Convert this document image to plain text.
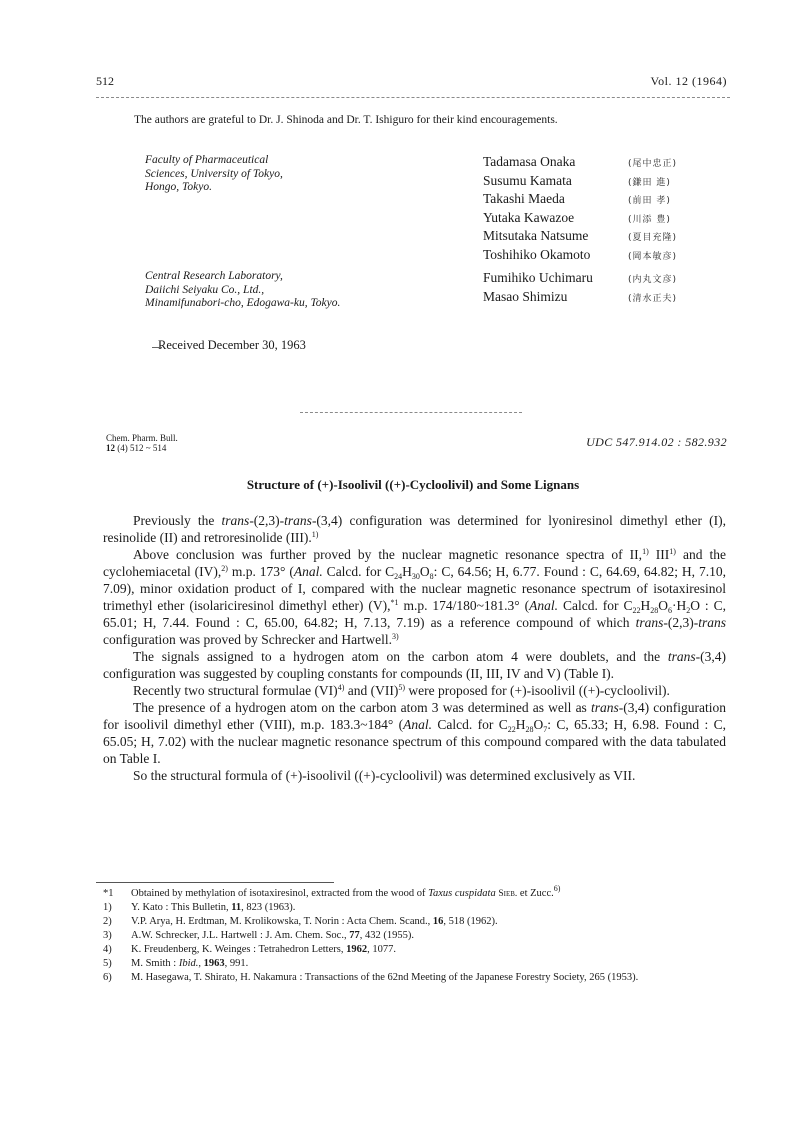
512	Vol. 12 (1964)
The authors are grateful to Dr. J. Shinoda and Dr. T. Ishiguro for their kind encouragements.
Faculty of Pharmaceutical
Sciences, University of Tokyo,
Hongo, Tokyo.
Tadamasa Onaka	(尾中忠正)
Susumu Kamata	(鎌田 進)
Takashi Maeda	(前田 孝)
Yutaka Kawazoe	(川添 豊)
Mitsutaka Natsume	(夏目充隆)
Toshihiko Okamoto	(岡本敏彦)
Central Research Laboratory,
Daiichi Seiyaku Co., Ltd.,
Minamifunabori-cho, Edogawa-ku, Tokyo.
Fumihiko Uchimaru	(内丸文彦)
Masao Shimizu	(清水正夫)
Received December 30, 1963
Chem. Pharm. Bull.
12 (4) 512 ~ 514	UDC 547.914.02 : 582.932
Structure of (+)-Isoolivil ((+)-Cycloolivil) and Some Lignans

Previously the trans-(2,3)-trans-(3,4) configuration was determined for lyoniresinol dimethyl ether (I), resinolide (II) and retroresinolide (III).$^{1)}$

Above conclusion was further proved by the nuclear magnetic resonance spectra of II,$^{1)}$ III$^{1)}$ and the cyclohemiacetal (IV),$^{2)}$ m.p. 173° (Anal. Calcd. for $C_{24}H_{30}O_8$: C, 64.56; H, 6.77. Found : C, 64.69, 64.82; H, 7.10, 7.09), minor oxidation product of I, compared with the nuclear magnetic resonance spectrum of isotaxiresinol trimethyl ether (isolariciresinol dimethyl ether) (V),$^{*1}$ m.p. 174/180~181.3° (Anal. Calcd. for $C_{22}H_{28}O_6\cdot H_2O$ : C, 65.01; H, 7.44. Found : C, 65.00, 64.82; H, 7.13, 7.19) as a reference compound of which trans-(2,3)-trans configuration was proved by Schrecker and Hartwell.$^{3)}$

The signals assigned to a hydrogen atom on the carbon atom 4 were doublets, and the trans-(3,4) configuration was suggested by coupling constants for compounds (II, III, IV and V) (Table I).

Recently two structural formulae (VI)$^{4)}$ and (VII)$^{5)}$ were proposed for (+)-isoolivil ((+)-cycloolivil).

The presence of a hydrogen atom on the carbon atom 3 was determined as well as trans-(3,4) configuration for isoolivil dimethyl ether (VIII), m.p. 183.3~184° (Anal. Calcd. for $C_{22}H_{28}O_7$: C, 65.33; H, 6.98. Found : C, 65.05; H, 7.02) with the nuclear magnetic resonance spectrum of this compound compared with the data tabulated on Table I.

So the structural formula of (+)-isoolivil ((+)-cycloolivil) was determined exclusively as VII.

*1 Obtained by methylation of isotaxiresinol, extracted from the wood of Taxus cuspidata Sieb. et Zucc.$^{6)}$
1) Y. Kato : This Bulletin, 11, 823 (1963).
2) V.P. Arya, H. Erdtman, M. Krolikowska, T. Norin : Acta Chem. Scand., 16, 518 (1962).
3) A.W. Schrecker, J.L. Hartwell : J. Am. Chem. Soc., 77, 432 (1955).
4) K. Freudenberg, K. Weinges : Tetrahedron Letters, 1962, 1077.
5) M. Smith : Ibid., 1963, 991.
6) M. Hasegawa, T. Shirato, H. Nakamura : Transactions of the 62nd Meeting of the Japanese Forestry Society, 265 (1953).
